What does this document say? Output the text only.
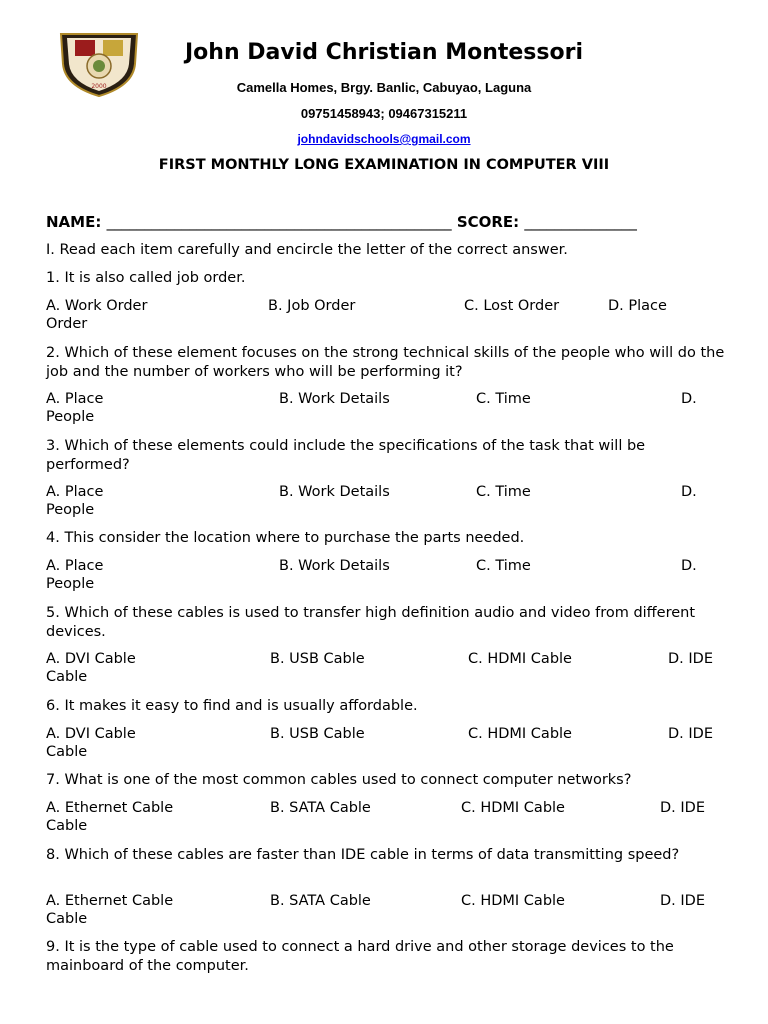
2000
John David Christian Montessori
Camella Homes, Brgy. Banlic, Cabuyao, Laguna
09751458943; 09467315211
johndavidschools@gmail.com
FIRST MONTHLY LONG EXAMINATION IN COMPUTER VIII
NAME: ______________________________________________ SCORE: _______________
I. Read each item carefully and encircle the letter of the correct answer.
1. It is also called job order.
A. Work Order	B. Job Order	C. Lost Order	D. Place
Order
2. Which of these element focuses on the strong technical skills of the people who will do the job and the number of workers who will be performing it?
A. Place	B. Work Details	C. Time	D.
People
3. Which of these elements could include the specifications of the task that will be performed?
A. Place	B. Work Details	C. Time	D.
People
4. This consider the location where to purchase the parts needed.
A. Place	B. Work Details	C. Time	D.
People
5. Which of these cables is used to transfer high definition audio and video from different devices.
A. DVI Cable	B. USB Cable	C. HDMI Cable	D. IDE
Cable
6. It makes it easy to find and is usually affordable.
A. DVI Cable	B. USB Cable	C. HDMI Cable	D. IDE
Cable
7. What is one of the most common cables used to connect computer networks?
A. Ethernet Cable	B. SATA Cable	C. HDMI Cable	D. IDE
Cable
8. Which of these cables are faster than IDE cable in terms of data transmitting speed?
A. Ethernet Cable	B. SATA Cable	C. HDMI Cable	D. IDE
Cable
9. It is the type of cable used to connect a hard drive and other storage devices to the mainboard of the computer.
